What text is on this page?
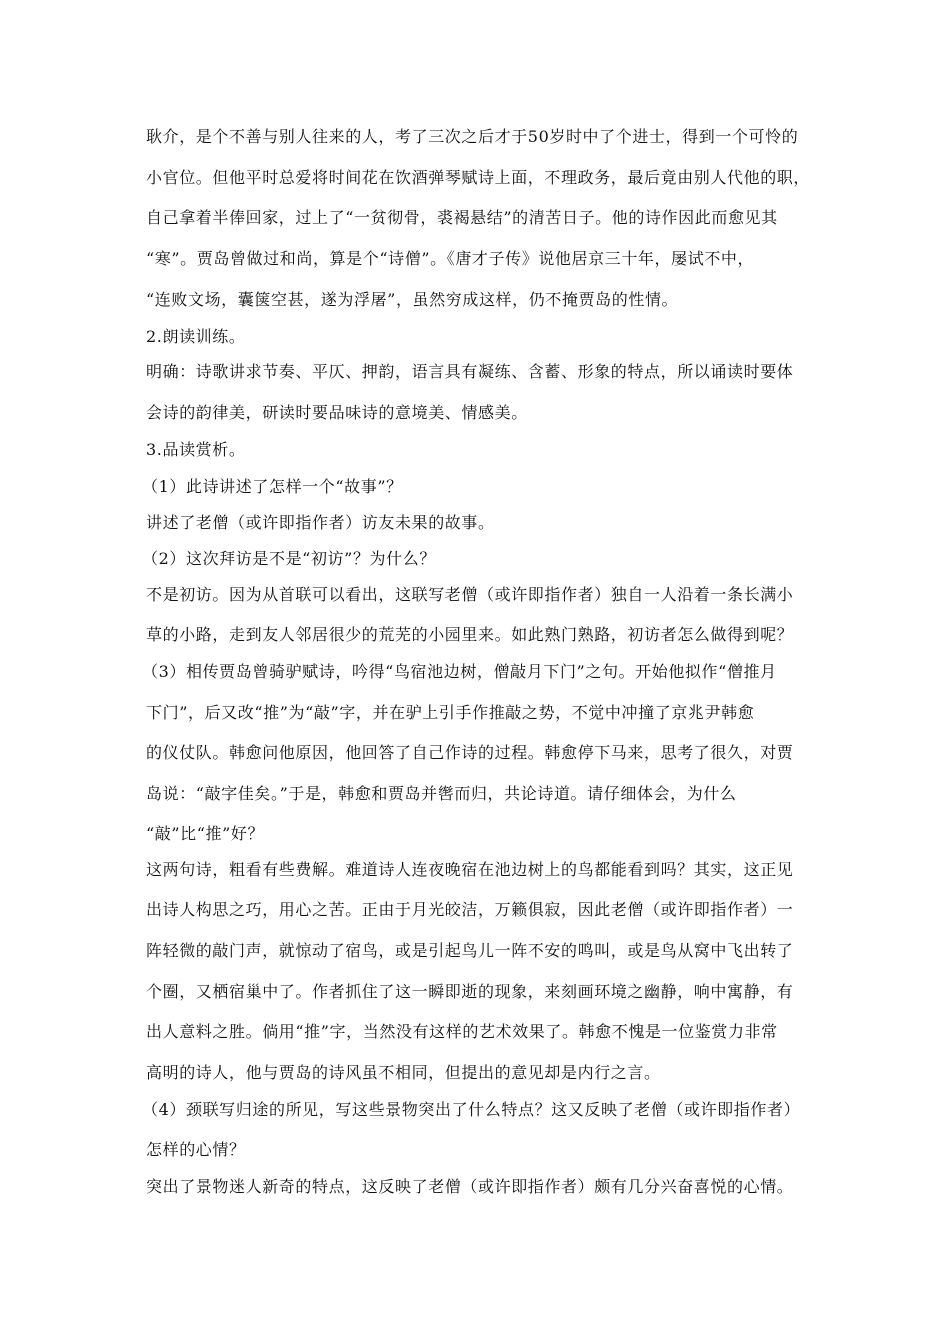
耿介，是个不善与别人往来的人，考了三次之后才于50岁时中了个进士，得到一个可怜的
小官位。但他平时总爱将时间花在饮酒弹琴赋诗上面，不理政务，最后竟由别人代他的职，
自己拿着半俸回家，过上了“一贫彻骨，裘褐悬结”的清苦日子。他的诗作因此而愈见其
“寒”。贾岛曾做过和尚，算是个“诗僧”。《唐才子传》说他居京三十年，屡试不中，
“连败文场，囊箧空甚，遂为浮屠”，虽然穷成这样，仍不掩贾岛的性情。
2.朗读训练。
明确：诗歌讲求节奏、平仄、押韵，语言具有凝练、含蓄、形象的特点，所以诵读时要体
会诗的韵律美，研读时要品味诗的意境美、情感美。
3.品读赏析。
（1）此诗讲述了怎样一个“故事”？
讲述了老僧（或许即指作者）访友未果的故事。
（2）这次拜访是不是“初访”？为什么？
不是初访。因为从首联可以看出，这联写老僧（或许即指作者）独自一人沿着一条长满小
草的小路，走到友人邻居很少的荒芜的小园里来。如此熟门熟路，初访者怎么做得到呢？
（3）相传贾岛曾骑驴赋诗，吟得“鸟宿池边树，僧敲月下门”之句。开始他拟作“僧推月
下门”，后又改“推”为“敲”字，并在驴上引手作推敲之势，不觉中冲撞了京兆尹韩愈
的仪仗队。韩愈问他原因，他回答了自己作诗的过程。韩愈停下马来，思考了很久，对贾
岛说：“敲字佳矣。”于是，韩愈和贾岛并辔而归，共论诗道。请仔细体会，为什么
“敲”比“推”好？
这两句诗，粗看有些费解。难道诗人连夜晚宿在池边树上的鸟都能看到吗？其实，这正见
出诗人构思之巧，用心之苦。正由于月光皎洁，万籁俱寂，因此老僧（或许即指作者）一
阵轻微的敲门声，就惊动了宿鸟，或是引起鸟儿一阵不安的鸣叫，或是鸟从窝中飞出转了
个圈，又栖宿巢中了。作者抓住了这一瞬即逝的现象，来刻画环境之幽静，响中寓静，有
出人意料之胜。倘用“推”字，当然没有这样的艺术效果了。韩愈不愧是一位鉴赏力非常
高明的诗人，他与贾岛的诗风虽不相同，但提出的意见却是内行之言。
（4）颈联写归途的所见，写这些景物突出了什么特点？这又反映了老僧（或许即指作者）
怎样的心情？
突出了景物迷人新奇的特点，这反映了老僧（或许即指作者）颇有几分兴奋喜悦的心情。
